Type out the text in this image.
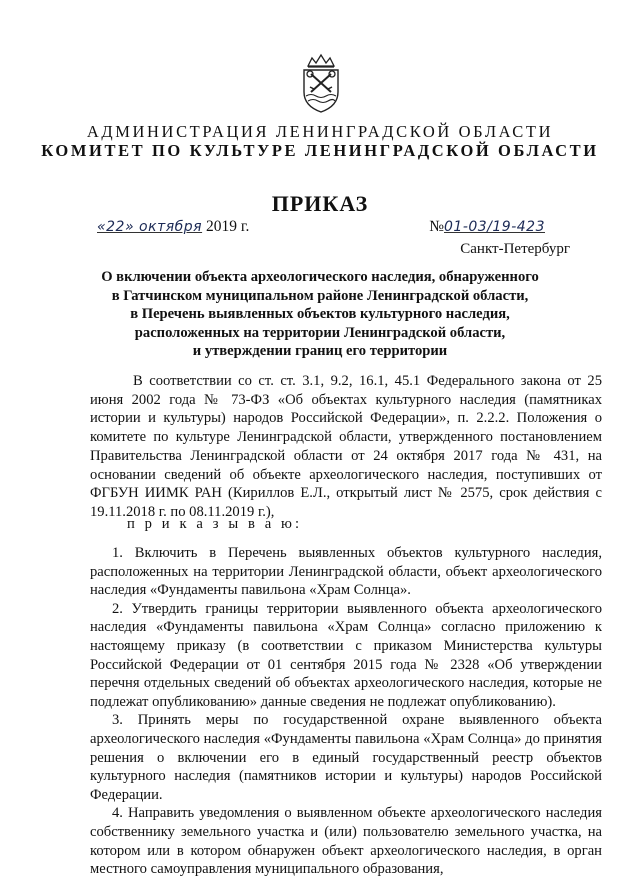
АДМИНИСТРАЦИЯ ЛЕНИНГРАДСКОЙ ОБЛАСТИ
КОМИТЕТ ПО КУЛЬТУРЕ ЛЕНИНГРАДСКОЙ ОБЛАСТИ
ПРИКАЗ
«22» октября 2019 г.	№01-03/19-423
Санкт-Петербург
О включении объекта археологического наследия, обнаруженного
в Гатчинском муниципальном районе Ленинградской области,
в Перечень выявленных объектов культурного наследия,
расположенных на территории Ленинградской области,
и утверждении границ его территории
В соответствии со ст. ст. 3.1, 9.2, 16.1, 45.1 Федерального закона от 25 июня 2002 года № 73-ФЗ «Об объектах культурного наследия (памятниках истории и культуры) народов Российской Федерации», п. 2.2.2. Положения о комитете по культуре Ленинградской области, утвержденного постановлением Правительства Ленинградской области от 24 октября 2017 года № 431, на основании сведений об объекте археологического наследия, поступивших от ФГБУН ИИМК РАН (Кириллов Е.Л., открытый лист № 2575, срок действия с 19.11.2018 г. по 08.11.2019 г.),
п р и к а з ы в а ю:
1. Включить в Перечень выявленных объектов культурного наследия, расположенных на территории Ленинградской области, объект археологического наследия «Фундаменты павильона «Храм Солнца».
2. Утвердить границы территории выявленного объекта археологического наследия «Фундаменты павильона «Храм Солнца» согласно приложению к настоящему приказу (в соответствии с приказом Министерства культуры Российской Федерации от 01 сентября 2015 года № 2328 «Об утверждении перечня отдельных сведений об объектах археологического наследия, которые не подлежат опубликованию» данные сведения не подлежат опубликованию).
3. Принять меры по государственной охране выявленного объекта археологического наследия «Фундаменты павильона «Храм Солнца» до принятия решения о включении его в единый государственный реестр объектов культурного наследия (памятников истории и культуры) народов Российской Федерации.
4. Направить уведомления о выявленном объекте археологического наследия собственнику земельного участка и (или) пользователю земельного участка, на котором или в котором обнаружен объект археологического наследия, в орган местного самоуправления муниципального образования,
